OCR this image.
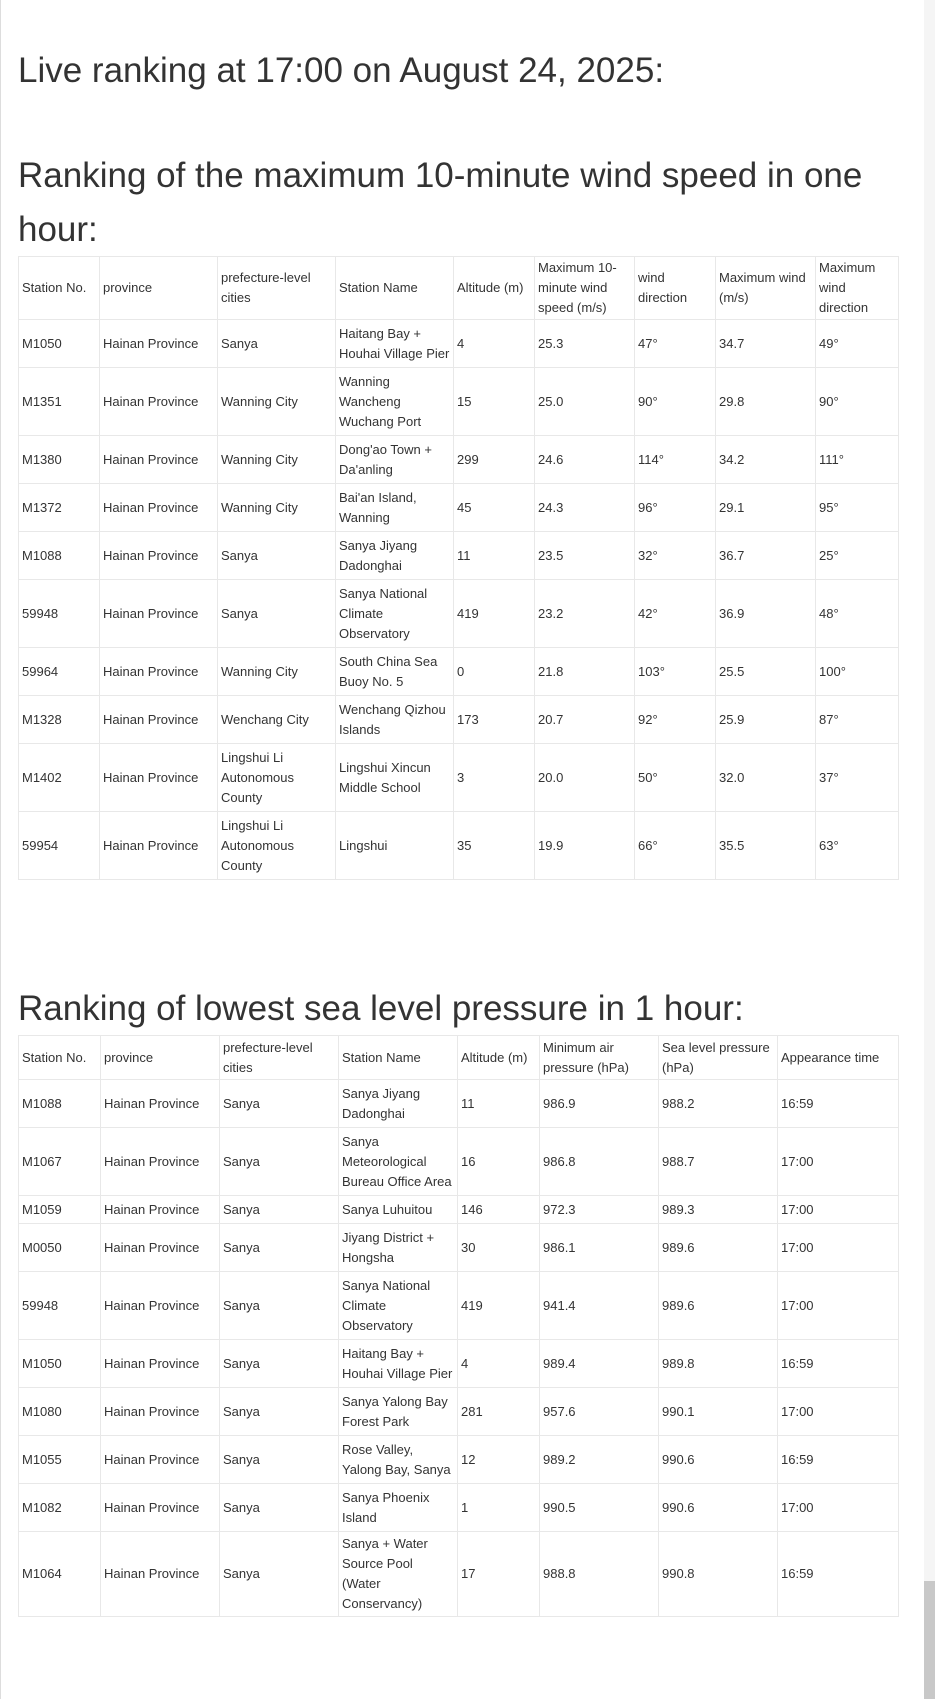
Live ranking at 17:00 on August 24, 2025:
Ranking of the maximum 10-minute wind speed in one hour:
Station No.	province	prefecture-level cities	Station Name	Altitude (m)	Maximum 10-minute wind speed (m/s)	wind direction	Maximum wind (m/s)	Maximum wind direction
M1050	Hainan Province	Sanya	Haitang Bay + Houhai Village Pier	4	25.3	47°	34.7	49°
M1351	Hainan Province	Wanning City	Wanning Wancheng Wuchang Port	15	25.0	90°	29.8	90°
M1380	Hainan Province	Wanning City	Dong'ao Town + Da'anling	299	24.6	114°	34.2	111°
M1372	Hainan Province	Wanning City	Bai'an Island, Wanning	45	24.3	96°	29.1	95°
M1088	Hainan Province	Sanya	Sanya Jiyang Dadonghai	11	23.5	32°	36.7	25°
59948	Hainan Province	Sanya	Sanya National Climate Observatory	419	23.2	42°	36.9	48°
59964	Hainan Province	Wanning City	South China Sea Buoy No. 5	0	21.8	103°	25.5	100°
M1328	Hainan Province	Wenchang City	Wenchang Qizhou Islands	173	20.7	92°	25.9	87°
M1402	Hainan Province	Lingshui Li Autonomous County	Lingshui Xincun Middle School	3	20.0	50°	32.0	37°
59954	Hainan Province	Lingshui Li Autonomous County	Lingshui	35	19.9	66°	35.5	63°
Ranking of lowest sea level pressure in 1 hour:
Station No.	province	prefecture-level cities	Station Name	Altitude (m)	Minimum air pressure (hPa)	Sea level pressure (hPa)	Appearance time
M1088	Hainan Province	Sanya	Sanya Jiyang Dadonghai	11	986.9	988.2	16:59
M1067	Hainan Province	Sanya	Sanya Meteorological Bureau Office Area	16	986.8	988.7	17:00
M1059	Hainan Province	Sanya	Sanya Luhuitou	146	972.3	989.3	17:00
M0050	Hainan Province	Sanya	Jiyang District + Hongsha	30	986.1	989.6	17:00
59948	Hainan Province	Sanya	Sanya National Climate Observatory	419	941.4	989.6	17:00
M1050	Hainan Province	Sanya	Haitang Bay + Houhai Village Pier	4	989.4	989.8	16:59
M1080	Hainan Province	Sanya	Sanya Yalong Bay Forest Park	281	957.6	990.1	17:00
M1055	Hainan Province	Sanya	Rose Valley, Yalong Bay, Sanya	12	989.2	990.6	16:59
M1082	Hainan Province	Sanya	Sanya Phoenix Island	1	990.5	990.6	17:00
M1064	Hainan Province	Sanya	Sanya + Water Source Pool (Water Conservancy)	17	988.8	990.8	16:59
